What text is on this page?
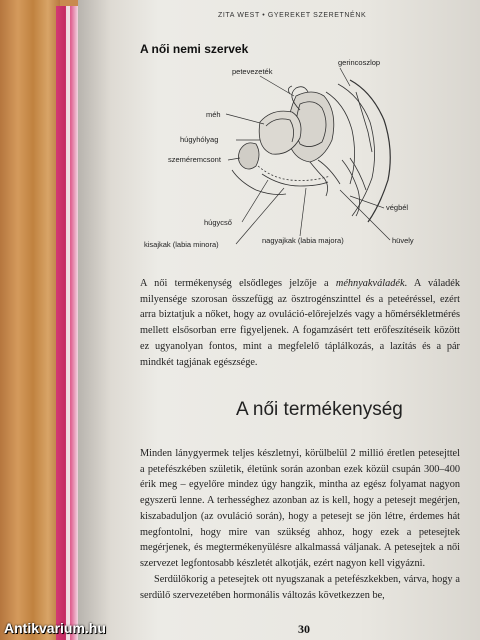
ZITA WEST • GYEREKET SZERETNÉNK
A női nemi szervek
petevezeték
gerincoszlop
méh
húgyhólyag
szeméremcsont
végbél
húgycső
hüvely
kisajkak (labia minora)	nagyajkak (labia majora)

A női termékenység elsődleges jelzője a méhnyakváladék. A váladék milyensége szorosan összefügg az ösztrogénszinttel és a peteéréssel, ezért arra biztatjuk a nőket, hogy az ovuláció-előrejelzés vagy a hőmérsékletmérés mellett elsősorban erre figyeljenek. A fogamzásért tett erőfeszítéseik között ez ugyanolyan fontos, mint a megfelelő táplálkozás, a lazítás és a pár mindkét tagjának egészsége.

A női termékenység

Minden lánygyermek teljes készletnyi, körülbelül 2 millió éretlen petesejttel a petefészkében születik, életünk során azonban ezek közül csupán 300–400 érik meg – egyelőre mindez úgy hangzik, mintha az egész folyamat nagyon egyszerű lenne. A terhességhez azonban az is kell, hogy a petesejt megérjen, kiszabaduljon (az ovuláció során), hogy a petesejt se jön létre, érdemes hát megfontolni, hogy mire van szükség ahhoz, hogy ezek a petesejtek megérjenek, és megtermékenyülésre alkalmassá váljanak. A petesejtek a női szervezet legfontosabb készletét alkotják, ezért nagyon kell vigyázni.

Serdülőkorig a petesejtek ott nyugszanak a petefészkekben, várva, hogy a serdülő szervezetében hormonális változás következzen be,

30
Antikvarium.hu
